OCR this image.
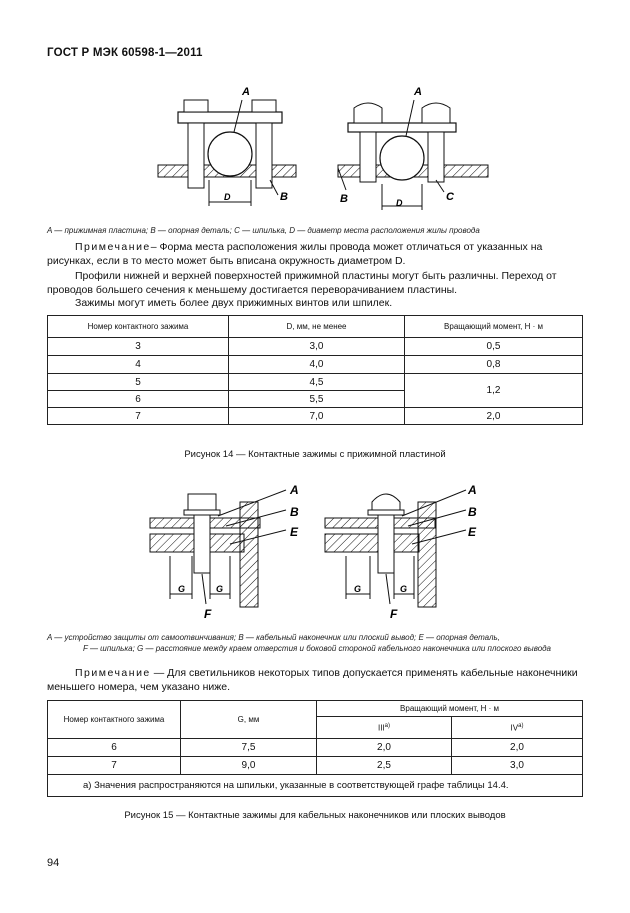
ГОСТ Р МЭК 60598-1—2011
A
D	B
A
B	D	C
A — прижимная пластина; B — опорная деталь; C — шпилька, D — диаметр места расположения жилы провода
Примечание– Форма места расположения жилы провода может отличаться от указанных на рисунках, если в то место может быть вписана окружность диаметром D.
Профили нижней и верхней поверхностей прижимной пластины могут быть различны. Переход от проводов большего сечения к меньшему достигается переворачиванием пластины.
Зажимы могут иметь более двух прижимных винтов или шпилек.
Номер контактного зажима	D, мм, не менее	Вращающий момент, Н · м
3	3,0	0,5
4	4,0	0,8
5	4,5	1,2
6	5,5	
7	7,0	2,0
Рисунок 14 — Контактные зажимы с прижимной пластиной
A
B
E
G	G
F
A
B
E
G	G
F
A — устройство защиты от самоотвинчивания; B — кабельный наконечник или плоский вывод; E — опорная деталь,
F — шпилька; G — расстояние между краем отверстия и боковой стороной кабельного наконечника или плоского вывода
Примечание — Для светильников некоторых типов допускается применять кабельные наконечники меньшего номера, чем указано ниже.
Номер контактного зажима	G, мм	Вращающий момент, Н · м	
		III$^{a)}$	IV$^{a)}$
6	7,5	2,0	2,0
7	9,0	2,5	3,0
a) Значения распространяются на шпильки, указанные в соответствующей графе таблицы 14.4.			
Рисунок 15 — Контактные зажимы для кабельных наконечников или плоских выводов
94
